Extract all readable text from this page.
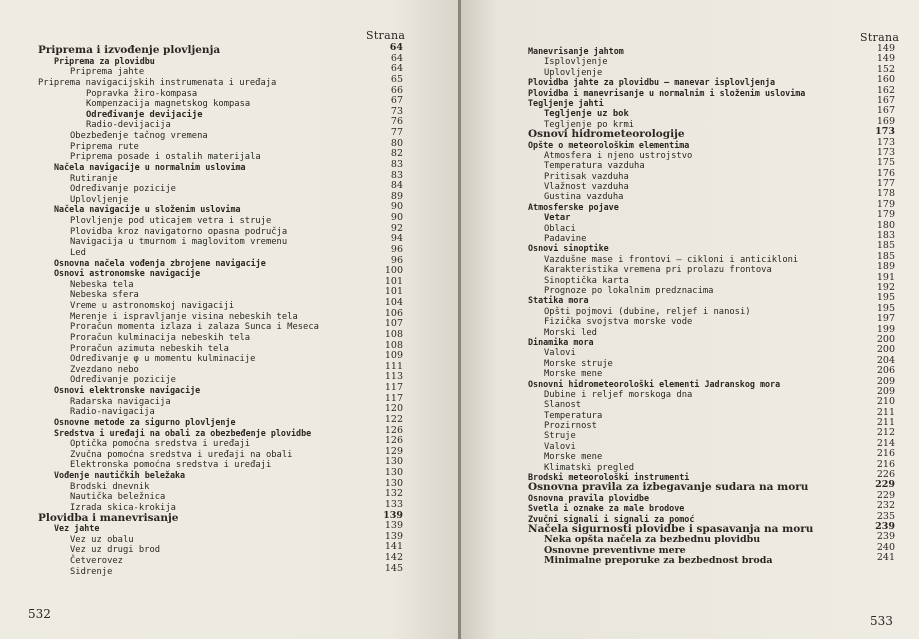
Strana
Priprema i izvođenje plovljenja	64
Priprema za plovidbu	64
Priprema jahte	64
Priprema navigacijskih instrumenata i uređaja	65
Popravka žiro-kompasa	66
Kompenzacija magnetskog kompasa	67
Određivanje devijacije	73
Radio-devijacija	76
Obezbeđenje tačnog vremena	77
Priprema rute	80
Priprema posade i ostalih materijala	82
Načela navigacije u normalnim uslovima	83
Rutiranje	83
Određivanje pozicije	84
Uplovljenje	89
Načela navigacije u složenim uslovima	90
Plovljenje pod uticajem vetra i struje	90
Plovidba kroz navigatorno opasna područja	92
Navigacija u tmurnom i maglovitom vremenu	94
Led	96
Osnovna načela vođenja zbrojene navigacije	96
Osnovi astronomske navigacije	100
Nebeska tela	101
Nebeska sfera	101
Vreme u astronomskoj navigaciji	104
Merenje i ispravljanje visina nebeskih tela	106
Proračun momenta izlaza i zalaza Sunca i Meseca	107
Proračun kulminacija nebeskih tela	108
Proračun azimuta nebeskih tela	108
Određivanje φ u momentu kulminacije	109
Zvezdano nebo	111
Određivanje pozicije	113
Osnovi elektronske navigacije	117
Radarska navigacija	117
Radio-navigacija	120
Osnovne metode za sigurno plovljenje	122
Sredstva i uređaji na obali za obezbeđenje plovidbe	126
Optička pomoćna sredstva i uređaji	126
Zvučna pomoćna sredstva i uređaji na obali	129
Elektronska pomoćna sredstva i uređaji	130
Vođenje nautičkih beležaka	130
Brodski dnevnik	130
Nautička beležnica	132
Izrada skica-krokija	133
Plovidba i manevrisanje	139
Vez jahte	139
Vez uz obalu	139
Vez uz drugi brod	141
Četverovez	142
Sidrenje	145
532
Strana
Manevrisanje jahtom	149
Isplovljenje	149
Uplovljenje	152
Plovidba jahte za plovidbu — manevar isplovljenja	160
Plovidba i manevrisanje u normalnim i složenim uslovima	162
Tegljenje jahti	167
Tegljenje uz bok	167
Tegljenje po krmi	169
Osnovi hidrometeorologije	173
Opšte o meteorološkim elementima	173
Atmosfera i njeno ustrojstvo	173
Temperatura vazduha	175
Pritisak vazduha	176
Vlažnost vazduha	177
Gustina vazduha	178
Atmosferske pojave	179
Vetar	179
Oblaci	180
Padavine	183
Osnovi sinoptike	185
Vazdušne mase i frontovi — cikloni i anticikloni	185
Karakteristika vremena pri prolazu frontova	189
Sinoptička karta	191
Prognoze po lokalnim predznacima	192
Statika mora	195
Opšti pojmovi (dubine, reljef i nanosi)	195
Fizička svojstva morske vode	197
Morski led	199
Dinamika mora	200
Valovi	200
Morske struje	204
Morske mene	206
Osnovni hidrometeorološki elementi Jadranskog mora	209
Dubine i reljef morskoga dna	209
Slanost	210
Temperatura	211
Prozirnost	211
Struje	212
Valovi	214
Morske mene	216
Klimatski pregled	216
Brodski meteorološki instrumenti	226
Osnovna pravila za izbegavanje sudara na moru	229
Osnovna pravila plovidbe	229
Svetla i oznake za male brodove	232
Zvučni signali i signali za pomoć	235
Načela sigurnosti plovidbe i spasavanja na moru	239
Neka opšta načela za bezbednu plovidbu	239
Osnovne preventivne mere	240
Minimalne preporuke za bezbednost broda	241
533
